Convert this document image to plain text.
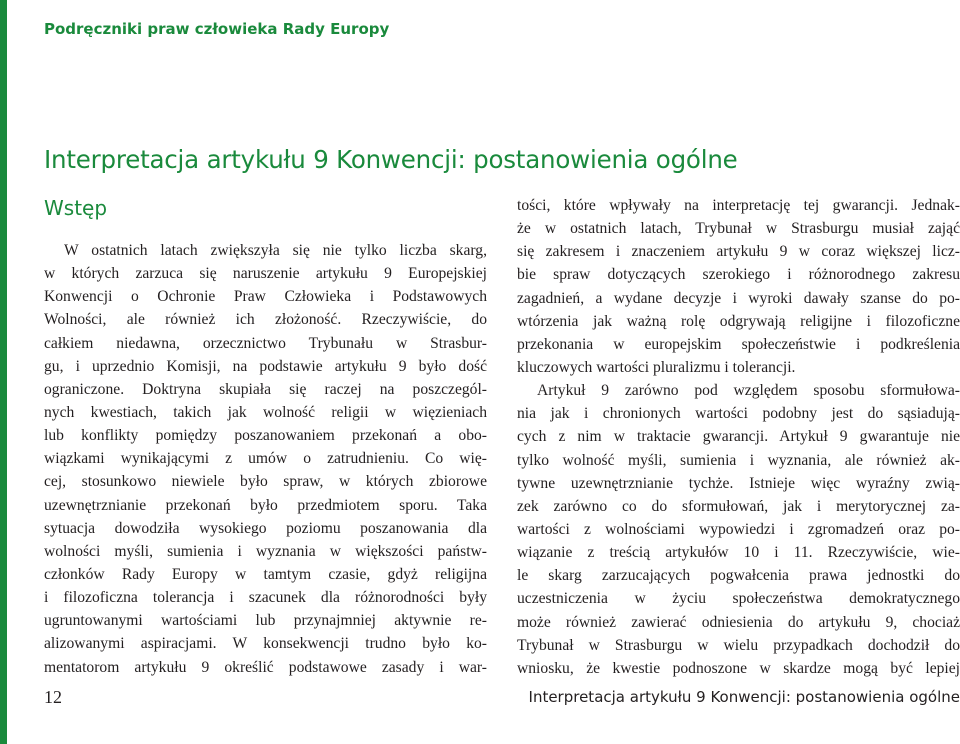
Podręczniki praw człowieka Rady Europy
Interpretacja artykułu 9 Konwencji: postanowienia ogólne
Wstęp
W ostatnich latach zwiększyła się nie tylko liczba skarg,
w których zarzuca się naruszenie artykułu 9 Europejskiej
Konwencji o Ochronie Praw Człowieka i Podstawowych
Wolności, ale również ich złożoność. Rzeczywiście, do
całkiem niedawna, orzecznictwo Trybunału w Strasbur-
gu, i uprzednio Komisji, na podstawie artykułu 9 było dość
ograniczone. Doktryna skupiała się raczej na poszczegól-
nych kwestiach, takich jak wolność religii w więzieniach
lub konflikty pomiędzy poszanowaniem przekonań a obo-
wiązkami wynikającymi z umów o zatrudnieniu. Co wię-
cej, stosunkowo niewiele było spraw, w których zbiorowe
uzewnętrznianie przekonań było przedmiotem sporu. Taka
sytuacja dowodziła wysokiego poziomu poszanowania dla
wolności myśli, sumienia i wyznania w większości państw-
członków Rady Europy w tamtym czasie, gdyż religijna
i filozoficzna tolerancja i szacunek dla różnorodności były
ugruntowanymi wartościami lub przynajmniej aktywnie re-
alizowanymi aspiracjami. W konsekwencji trudno było ko-
mentatorom artykułu 9 określić podstawowe zasady i war-
tości, które wpływały na interpretację tej gwarancji. Jednak-
że w ostatnich latach, Trybunał w Strasburgu musiał zająć
się zakresem i znaczeniem artykułu 9 w coraz większej licz-
bie spraw dotyczących szerokiego i różnorodnego zakresu
zagadnień, a wydane decyzje i wyroki dawały szanse do po-
wtórzenia jak ważną rolę odgrywają religijne i filozoficzne
przekonania w europejskim społeczeństwie i podkreślenia
kluczowych wartości pluralizmu i tolerancji.
Artykuł 9 zarówno pod względem sposobu sformułowa-
nia jak i chronionych wartości podobny jest do sąsiadują-
cych z nim w traktacie gwarancji. Artykuł 9 gwarantuje nie
tylko wolność myśli, sumienia i wyznania, ale również ak-
tywne uzewnętrznianie tychże. Istnieje więc wyraźny zwią-
zek zarówno co do sformułowań, jak i merytorycznej za-
wartości z wolnościami wypowiedzi i zgromadzeń oraz po-
wiązanie z treścią artykułów 10 i 11. Rzeczywiście, wie-
le skarg zarzucających pogwałcenia prawa jednostki do
uczestniczenia w życiu społeczeństwa demokratycznego
może również zawierać odniesienia do artykułu 9, chociaż
Trybunał w Strasburgu w wielu przypadkach dochodził do
wniosku, że kwestie podnoszone w skardze mogą być lepiej
12	Interpretacja artykułu 9 Konwencji: postanowienia ogólne
